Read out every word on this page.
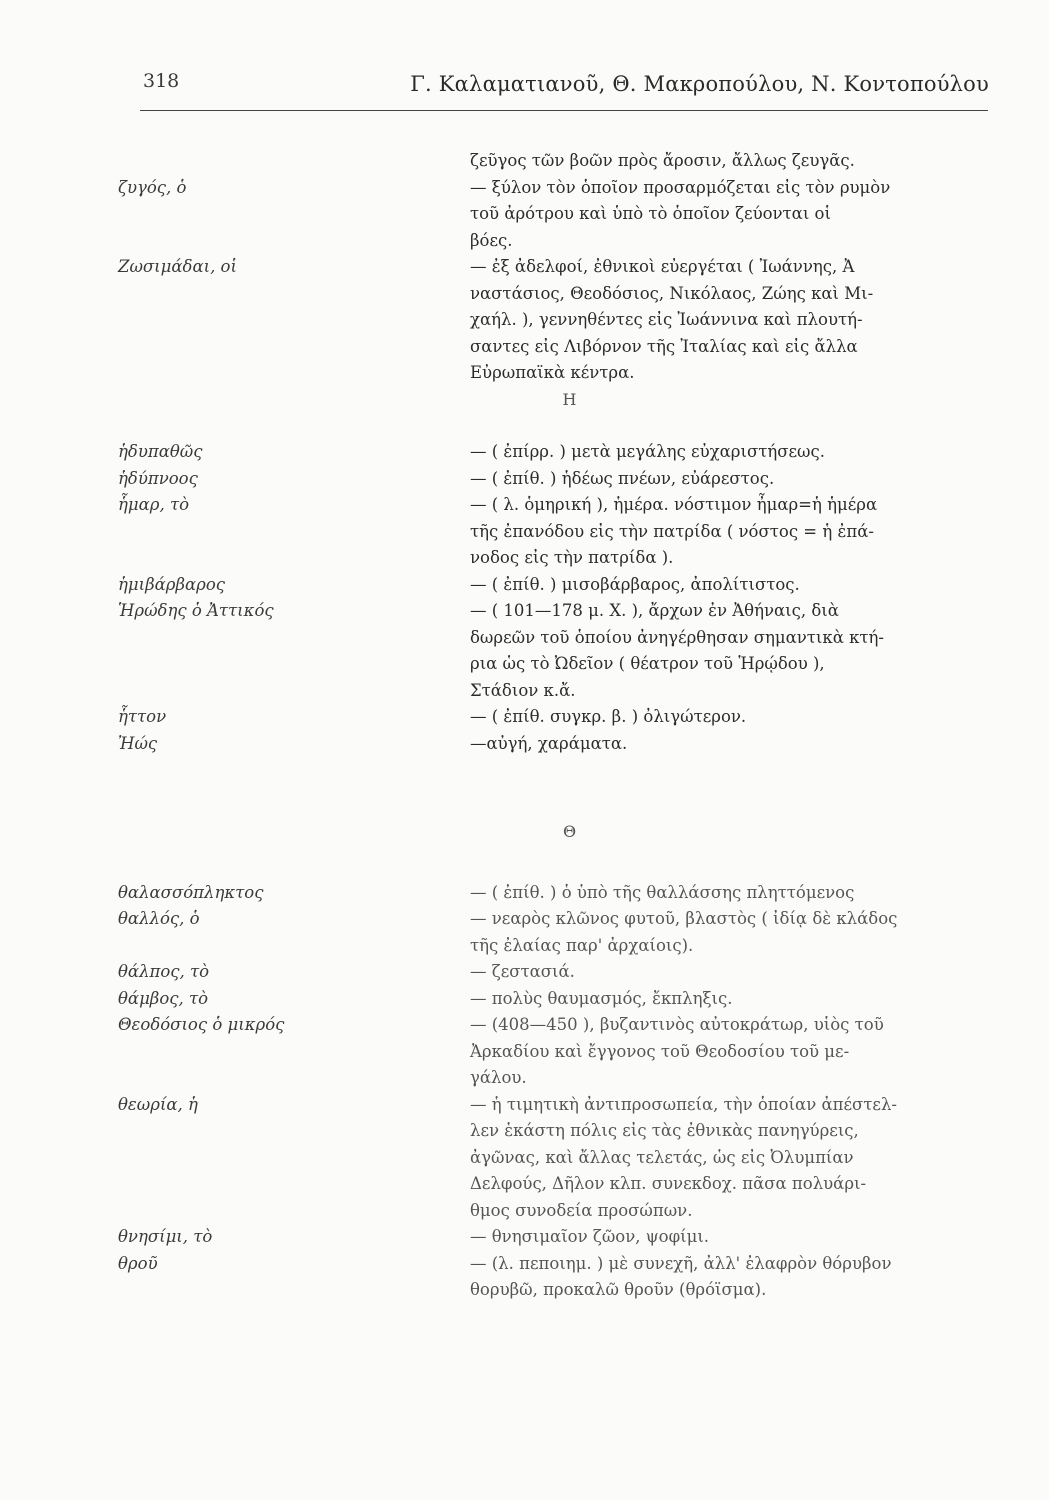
318	Γ. Καλαματιανοῦ, Θ. Μακροπούλου, Ν. Κοντοπούλου
ζεῦγος τῶν βοῶν πρὸς ἄροσιν, ἄλλως ζευγᾶς.
ζυγός, ὁ	— ξύλον τὸν ὁποῖον προσαρμόζεται εἰς τὸν ρυμὸν
τοῦ ἀρότρου καὶ ὑπὸ τὸ ὁποῖον ζεύονται οἱ
βόες.
Ζωσιμάδαι, οἱ	— ἐξ ἀδελφοί, ἐθνικοὶ εὐεργέται ( Ἰωάννης, Ἀ
ναστάσιος, Θεοδόσιος, Νικόλαος, Ζώης καὶ Μι-
χαήλ. ), γεννηθέντες εἰς Ἰωάννινα καὶ πλουτή-
σαντες εἰς Λιβόρνον τῆς Ἰταλίας καὶ εἰς ἄλλα
Εὐρωπαϊκὰ κέντρα.
Η
ἡδυπαθῶς	— ( ἐπίρρ. ) μετὰ μεγάλης εὐχαριστήσεως.
ἡδύπνοος	— ( ἐπίθ. ) ἡδέως πνέων, εὐάρεστος.
ἧμαρ, τὸ	— ( λ. ὁμηρική ), ἡμέρα. νόστιμον ἦμαρ=ἡ ἡμέρα
τῆς ἐπανόδου εἰς τὴν πατρίδα ( νόστος = ἡ ἐπά-
νοδος εἰς τὴν πατρίδα ).
ἡμιβάρβαρος	— ( ἐπίθ. ) μισοβάρβαρος, ἀπολίτιστος.
Ἡρώδης ὁ Ἀττικός	— ( 101—178 μ. Χ. ), ἄρχων ἐν Ἀθήναις, διὰ
δωρεῶν τοῦ ὁποίου ἀνηγέρθησαν σημαντικὰ κτή-
ρια ὡς τὸ Ὠδεῖον ( θέατρον τοῦ Ἡρῴδου ),
Στάδιον κ.ἄ.
ἧττον	— ( ἐπίθ. συγκρ. β. ) ὀλιγώτερον.
Ἠώς	—αὐγή, χαράματα.
Θ
θαλασσόπληκτος	— ( ἐπίθ. ) ὁ ὑπὸ τῆς θαλλάσσης πληττόμενος
θαλλός, ὁ	— νεαρὸς κλῶνος φυτοῦ, βλαστὸς ( ἰδίᾳ δὲ κλάδος
τῆς ἐλαίας παρ' ἀρχαίοις).
θάλπος, τὸ	— ζεστασιά.
θάμβος, τὸ	— πολὺς θαυμασμός, ἔκπληξις.
Θεοδόσιος ὁ μικρός	— (408—450 ), βυζαντινὸς αὐτοκράτωρ, υἱὸς τοῦ
Ἀρκαδίου καὶ ἔγγονος τοῦ Θεοδοσίου τοῦ με-
γάλου.
θεωρία, ἡ	— ἡ τιμητικὴ ἀντιπροσωπεία, τὴν ὁποίαν ἀπέστελ-
λεν ἑκάστη πόλις εἰς τὰς ἐθνικὰς πανηγύρεις,
ἀγῶνας, καὶ ἄλλας τελετάς, ὡς εἰς Ὀλυμπίαν
Δελφούς, Δῆλον κλπ. συνεκδοχ. πᾶσα πολυάρι-
θμος συνοδεία προσώπων.
θνησίμι, τὸ	— θνησιμαῖον ζῶον, ψοφίμι.
θροῦ	— (λ. πεποιημ. ) μὲ συνεχῆ, ἀλλ' ἐλαφρὸν θόρυβον
θορυβῶ, προκαλῶ θροῦν (θρόϊσμα).
